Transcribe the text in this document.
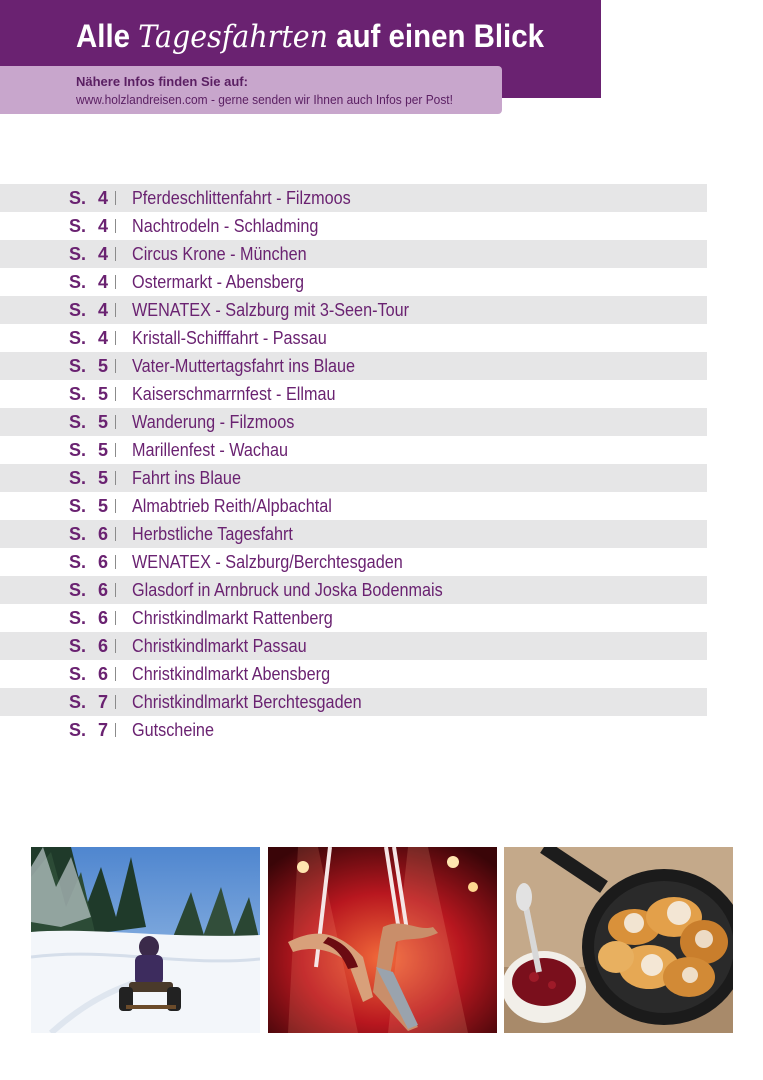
Alle Tagesfahrten auf einen Blick
Nähere Infos finden Sie auf:
www.holzlandreisen.com - gerne senden wir Ihnen auch Infos per Post!
S. 4 Pferdeschlittenfahrt - Filzmoos
S. 4 Nachtrodeln - Schladming
S. 4 Circus Krone - München
S. 4 Ostermarkt - Abensberg
S. 4 WENATEX - Salzburg mit 3-Seen-Tour
S. 4 Kristall-Schifffahrt - Passau
S. 5 Vater-Muttertagsfahrt ins Blaue
S. 5 Kaiserschmarrnfest - Ellmau
S. 5 Wanderung - Filzmoos
S. 5 Marillenfest - Wachau
S. 5 Fahrt ins Blaue
S. 5 Almabtrieb Reith/Alpbachtal
S. 6 Herbstliche Tagesfahrt
S. 6 WENATEX - Salzburg/Berchtesgaden
S. 6 Glasdorf in Arnbruck und Joska Bodenmais
S. 6 Christkindlmarkt Rattenberg
S. 6 Christkindlmarkt Passau
S. 6 Christkindlmarkt Abensberg
S. 7 Christkindlmarkt Berchtesgaden
S. 7 Gutscheine
